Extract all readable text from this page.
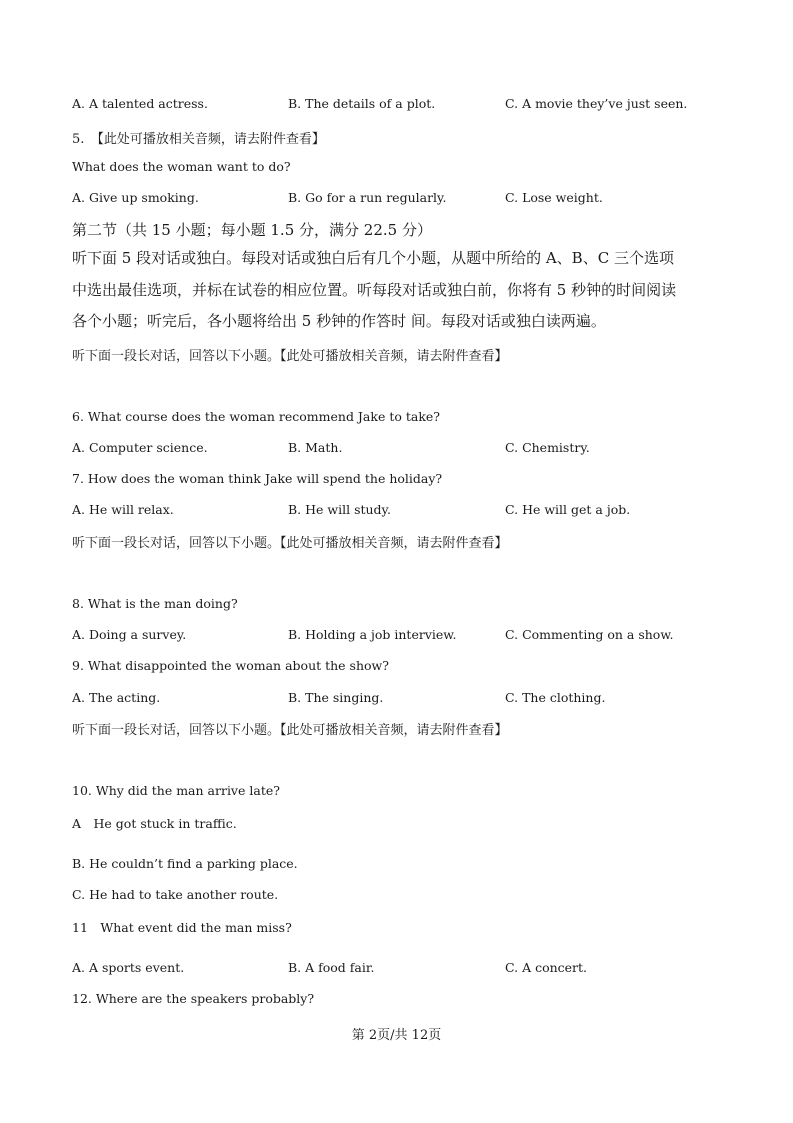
A. A talented actress.	B. The details of a plot.	C. A movie they’ve just seen.
5.　【此处可播放相关音频，请去附件查看】
What does the woman want to do?
A. Give up smoking.	B. Go for a run regularly.	C. Lose weight.
第二节（共 15 小题；每小题 1.5 分，满分 22.5 分）
听下面 5 段对话或独白。每段对话或独白后有几个小题，从题中所给的 A、B、C 三个选项
中选出最佳选项，并标在试卷的相应位置。听每段对话或独白前，你将有 5 秒钟的时间阅读
各个小题；听完后，各小题将给出 5 秒钟的作答时 间。每段对话或独白读两遍。
听下面一段长对话，回答以下小题。【此处可播放相关音频，请去附件查看】
6. What course does the woman recommend Jake to take?
A. Computer science.	B. Math.	C. Chemistry.
7. How does the woman think Jake will spend the holiday?
A. He will relax.	B. He will study.	C. He will get a job.
听下面一段长对话，回答以下小题。【此处可播放相关音频，请去附件查看】
8. What is the man doing?
A. Doing a survey.	B. Holding a job interview.	C. Commenting on a show.
9. What disappointed the woman about the show?
A. The acting.	B. The singing.	C. The clothing.
听下面一段长对话，回答以下小题。【此处可播放相关音频，请去附件查看】
10. Why did the man arrive late?
A　He got stuck in traffic.
B. He couldn’t find a parking place.
C. He had to take another route.
11　What event did the man miss?
A. A sports event.	B. A food fair.	C. A concert.
12. Where are the speakers probably?
第 2页/共 12页
